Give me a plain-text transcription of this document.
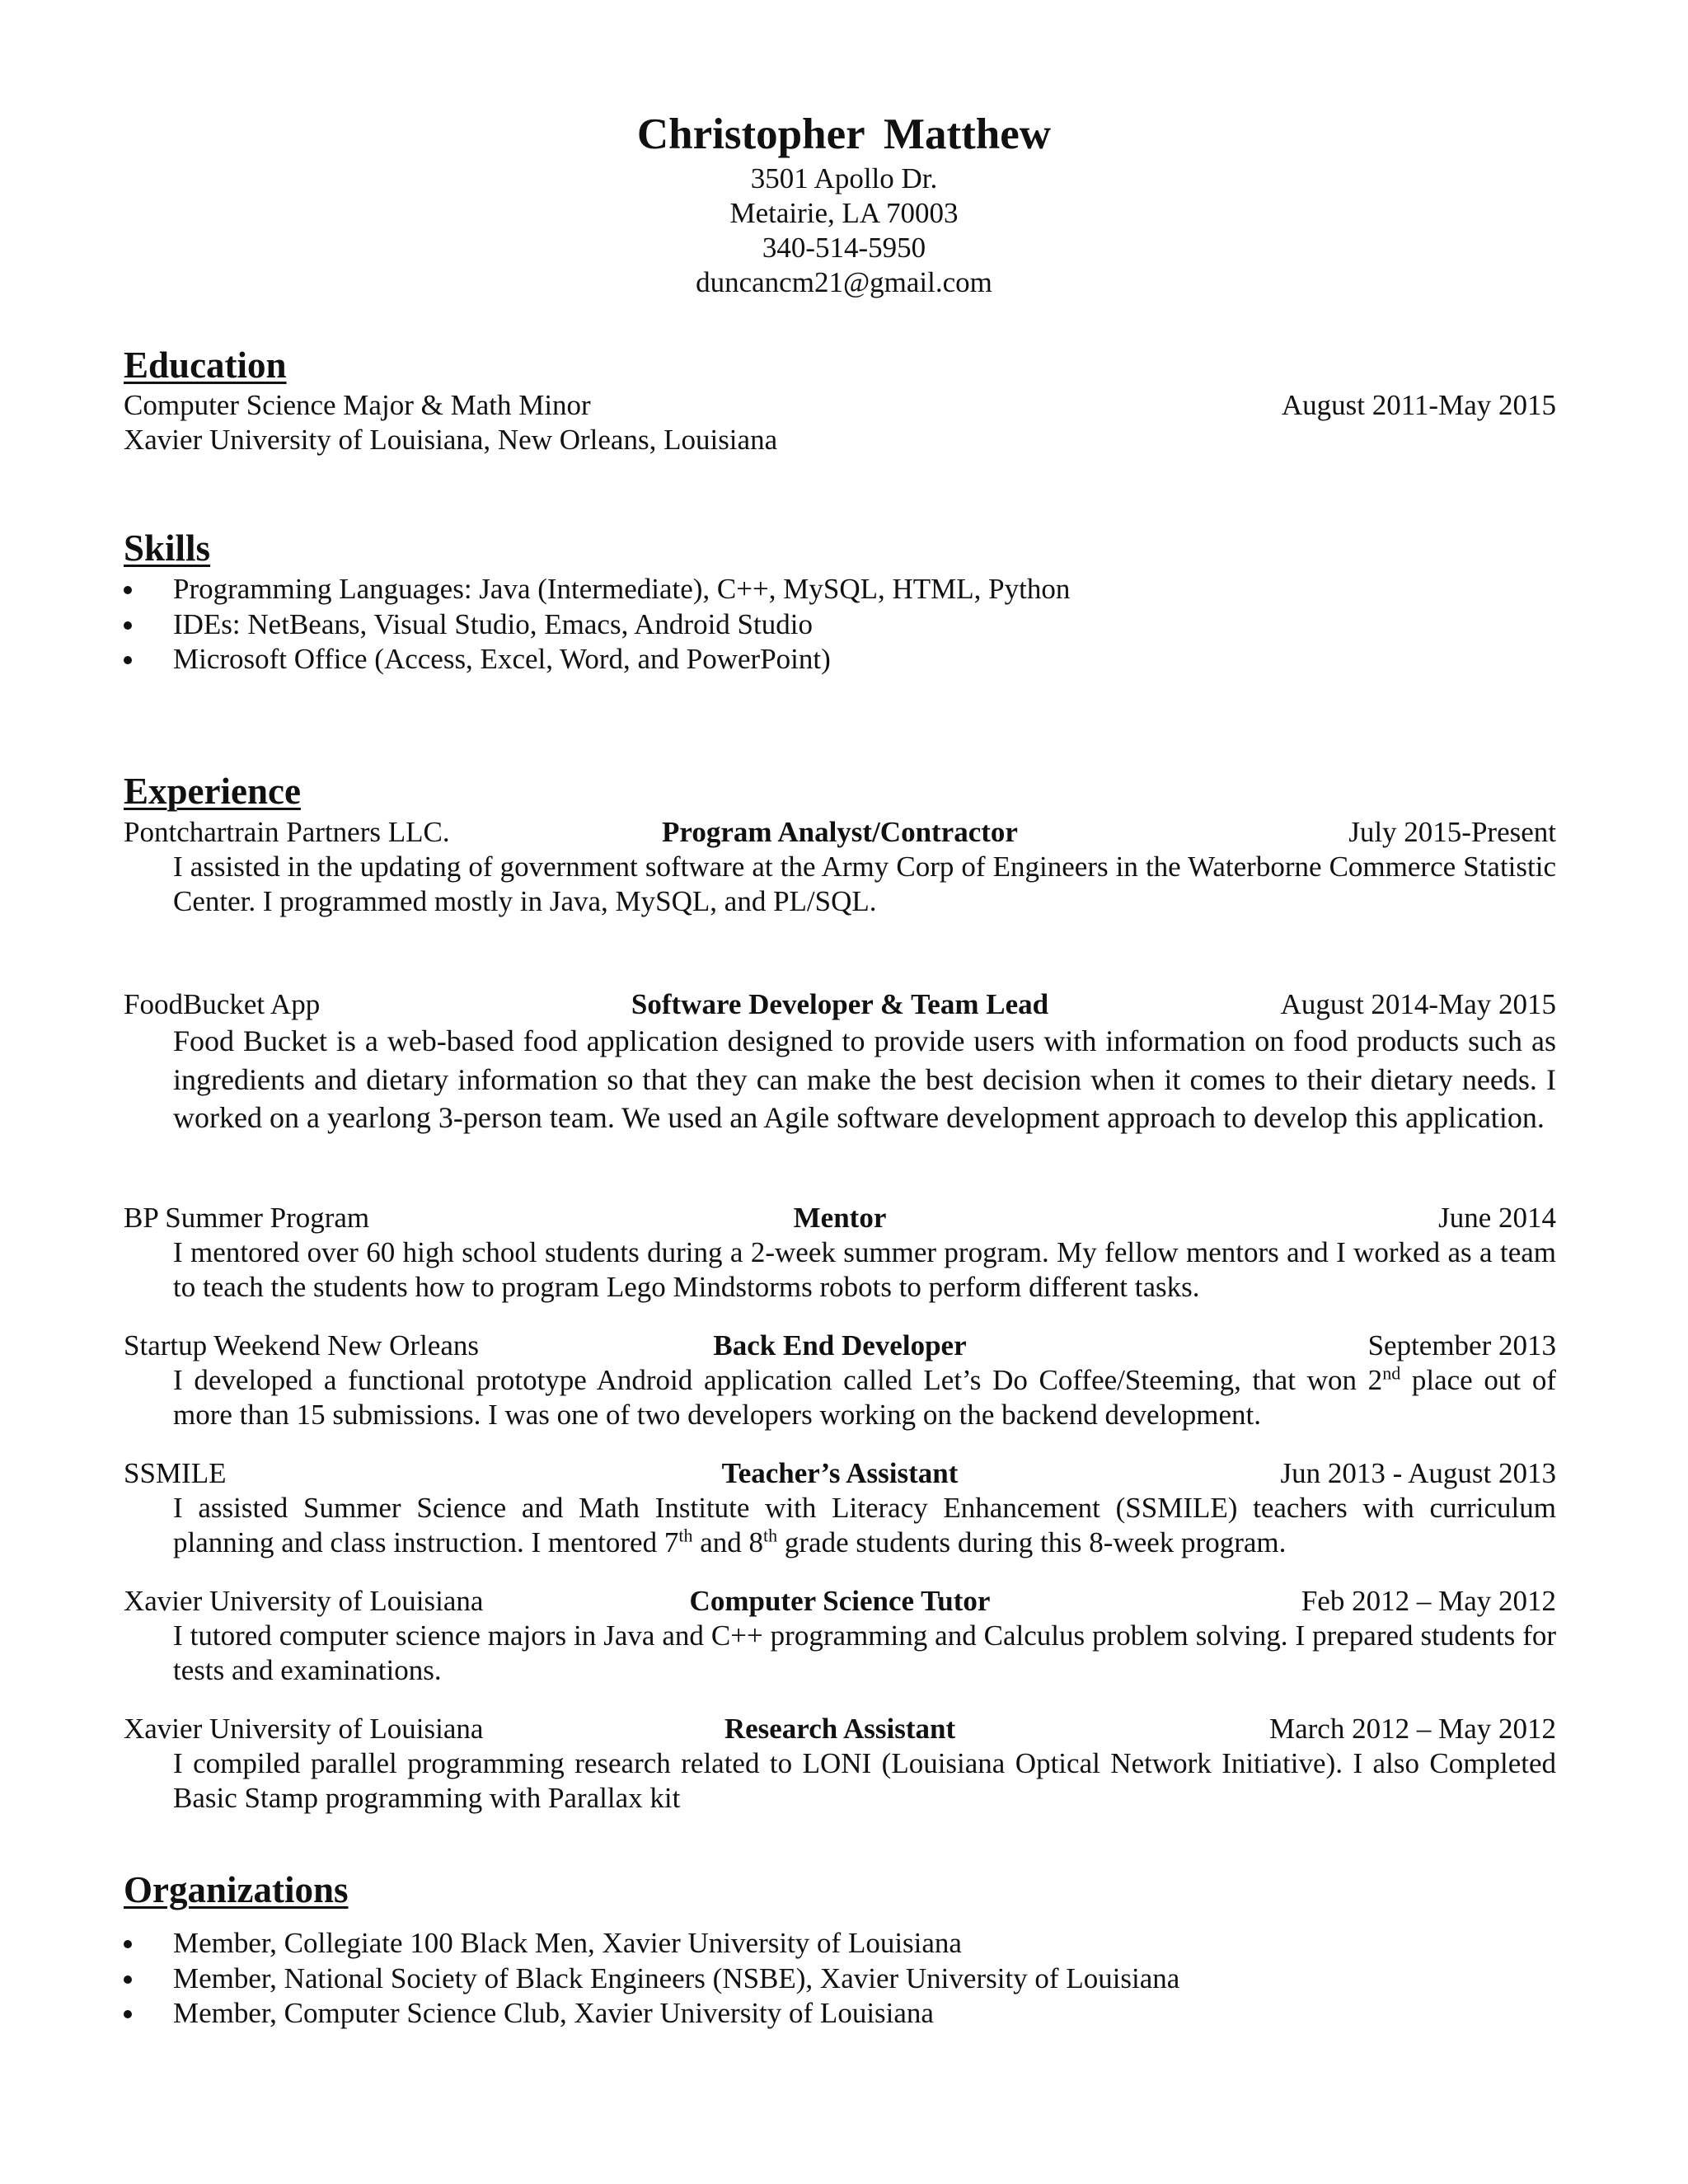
Christopher Matthew
3501 Apollo Dr.
Metairie, LA 70003
340-514-5950
duncancm21@gmail.com
Education
Computer Science Major & Math Minor	August 2011-May 2015
Xavier University of Louisiana, New Orleans, Louisiana
Skills
Programming Languages: Java (Intermediate), C++, MySQL, HTML, Python
IDEs: NetBeans, Visual Studio, Emacs, Android Studio
Microsoft Office (Access, Excel, Word, and PowerPoint)
Experience
Pontchartrain Partners LLC.	Program Analyst/Contractor	July 2015-Present
I assisted in the updating of government software at the Army Corp of Engineers in the Waterborne Commerce Statistic Center. I programmed mostly in Java, MySQL, and PL/SQL.
FoodBucket App	Software Developer & Team Lead	August 2014-May 2015
Food Bucket is a web-based food application designed to provide users with information on food products such as ingredients and dietary information so that they can make the best decision when it comes to their dietary needs. I worked on a yearlong 3-person team. We used an Agile software development approach to develop this application.
BP Summer Program	Mentor	June 2014
I mentored over 60 high school students during a 2-week summer program. My fellow mentors and I worked as a team to teach the students how to program Lego Mindstorms robots to perform different tasks.
Startup Weekend New Orleans	Back End Developer	September 2013
I developed a functional prototype Android application called Let’s Do Coffee/Steeming, that won 2nd place out of more than 15 submissions. I was one of two developers working on the backend development.
SSMILE	Teacher’s Assistant	Jun 2013 - August 2013
I assisted Summer Science and Math Institute with Literacy Enhancement (SSMILE) teachers with curriculum planning and class instruction. I mentored 7th and 8th grade students during this 8-week program.
Xavier University of Louisiana	Computer Science Tutor	Feb 2012 – May 2012
I tutored computer science majors in Java and C++ programming and Calculus problem solving. I prepared students for tests and examinations.
Xavier University of Louisiana	Research Assistant	March 2012 – May 2012
I compiled parallel programming research related to LONI (Louisiana Optical Network Initiative). I also Completed Basic Stamp programming with Parallax kit
Organizations
Member, Collegiate 100 Black Men, Xavier University of Louisiana
Member, National Society of Black Engineers (NSBE), Xavier University of Louisiana
Member, Computer Science Club, Xavier University of Louisiana
